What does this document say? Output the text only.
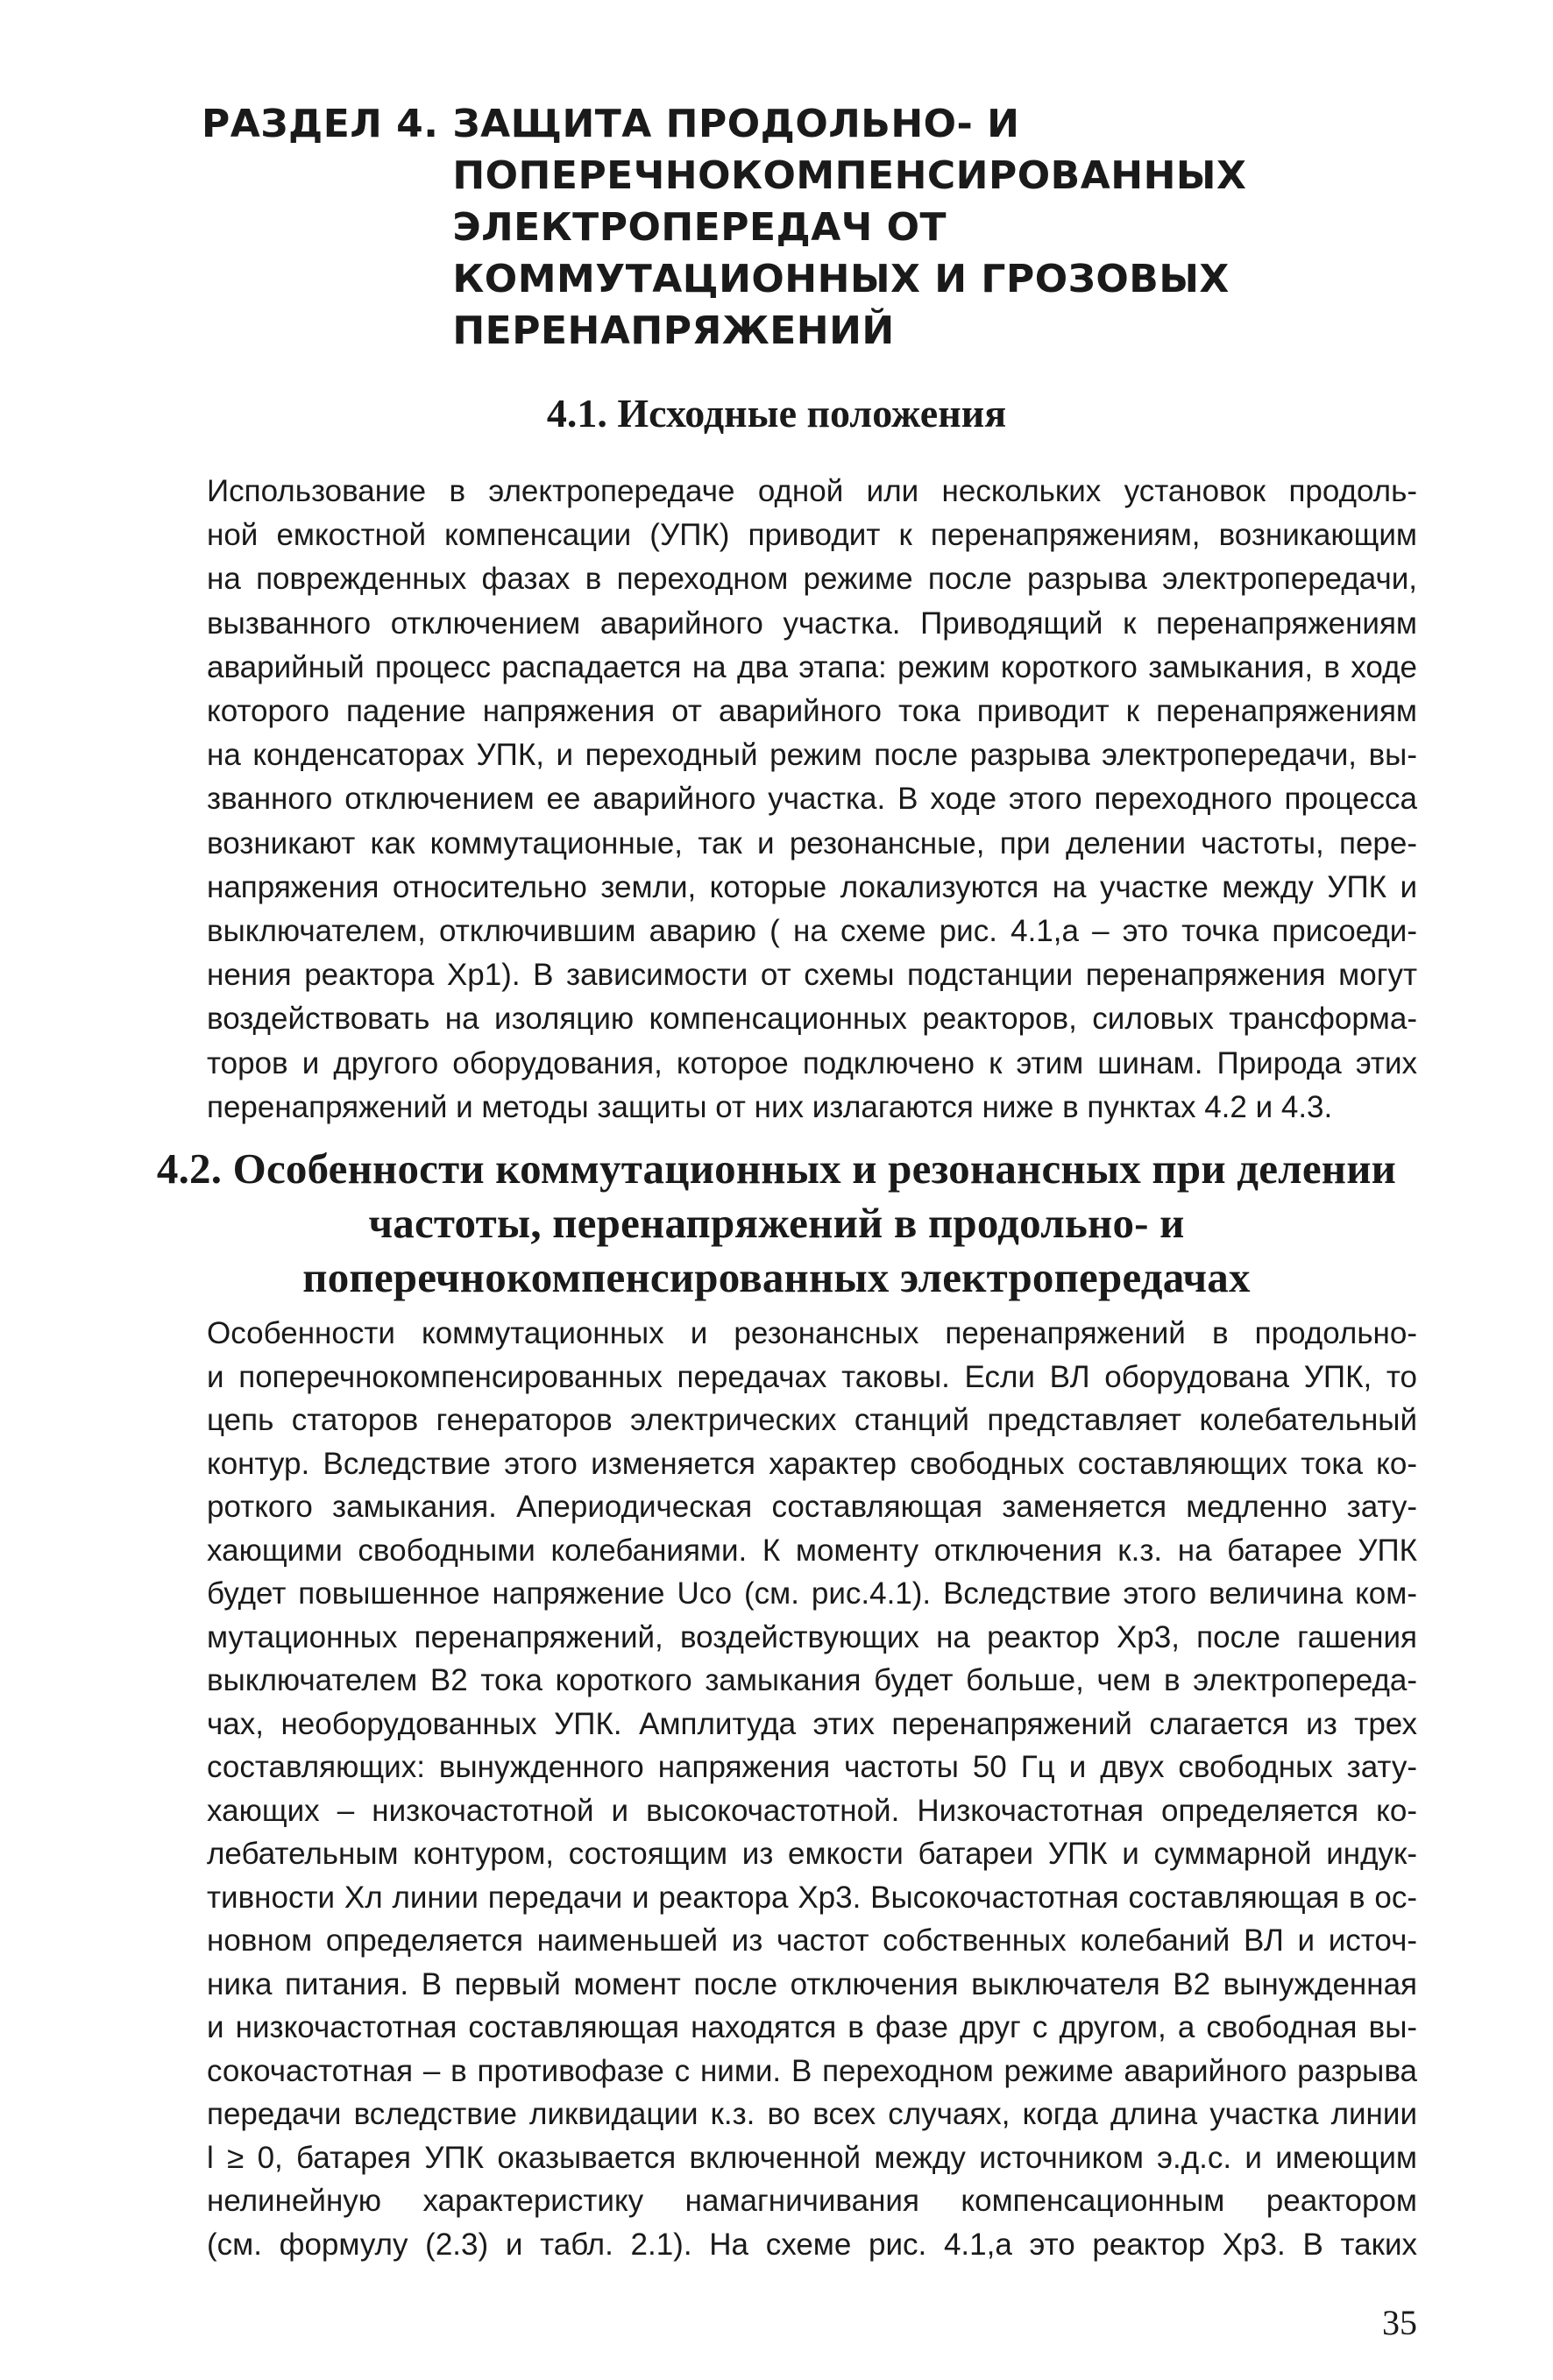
РАЗДЕЛ 4. ЗАЩИТА ПРОДОЛЬНО- И
ПОПЕРЕЧНОКОМПЕНСИРОВАННЫХ
ЭЛЕКТРОПЕРЕДАЧ ОТ
КОММУТАЦИОННЫХ И ГРОЗОВЫХ
ПЕРЕНАПРЯЖЕНИЙ
4.1. Исходные положения
Использование в электропередаче одной или нескольких установок продоль-
ной емкостной компенсации (УПК) приводит к перенапряжениям, возникающим
на поврежденных фазах в переходном режиме после разрыва электропередачи,
вызванного отключением аварийного участка. Приводящий к перенапряжениям
аварийный процесс распадается на два этапа: режим короткого замыкания, в ходе
которого падение напряжения от аварийного тока приводит к перенапряжениям
на конденсаторах УПК, и переходный режим после разрыва электропередачи, вы-
званного отключением ее аварийного участка. В ходе этого переходного процесса
возникают как коммутационные, так и резонансные, при делении частоты, пере-
напряжения относительно земли, которые локализуются на участке между УПК и
выключателем, отключившим аварию ( на схеме рис. 4.1,а – это точка присоеди-
нения реактора Xр1). В зависимости от схемы подстанции перенапряжения могут
воздействовать на изоляцию компенсационных реакторов, силовых трансформа-
торов и другого оборудования, которое подключено к этим шинам. Природа этих
перенапряжений и методы защиты от них излагаются ниже в пунктах 4.2 и 4.3.
4.2. Особенности коммутационных и резонансных при делении
частоты, перенапряжений в продольно- и
поперечнокомпенсированных электропередачах
Особенности коммутационных и резонансных перенапряжений в продольно-
и поперечнокомпенсированных передачах таковы. Если ВЛ оборудована УПК, то
цепь статоров генераторов электрических станций представляет колебательный
контур. Вследствие этого изменяется характер свободных составляющих тока ко-
роткого замыкания. Апериодическая составляющая заменяется медленно зату-
хающими свободными колебаниями. К моменту отключения к.з. на батарее УПК
будет повышенное напряжение Uсо (см. рис.4.1). Вследствие этого величина ком-
мутационных перенапряжений, воздействующих на реактор Xр3, после гашения
выключателем В2 тока короткого замыкания будет больше, чем в электропереда-
чах, необорудованных УПК. Амплитуда этих перенапряжений слагается из трех
составляющих: вынужденного напряжения частоты 50 Гц и двух свободных зату-
хающих – низкочастотной и высокочастотной. Низкочастотная определяется ко-
лебательным контуром, состоящим из емкости батареи УПК и суммарной индук-
тивности Xл линии передачи и реактора Xр3. Высокочастотная составляющая в ос-
новном определяется наименьшей из частот собственных колебаний ВЛ и источ-
ника питания. В первый момент после отключения выключателя В2 вынужденная
и низкочастотная составляющая находятся в фазе друг с другом, а свободная вы-
сокочастотная – в противофазе с ними. В переходном режиме аварийного разрыва
передачи вследствие ликвидации к.з. во всех случаях, когда длина участка линии
l ≥ 0, батарея УПК оказывается включенной между источником э.д.с. и имеющим
нелинейную характеристику намагничивания компенсационным реактором
(см. формулу (2.3) и табл. 2.1). На схеме рис. 4.1,а это реактор Xр3. В таких
35
